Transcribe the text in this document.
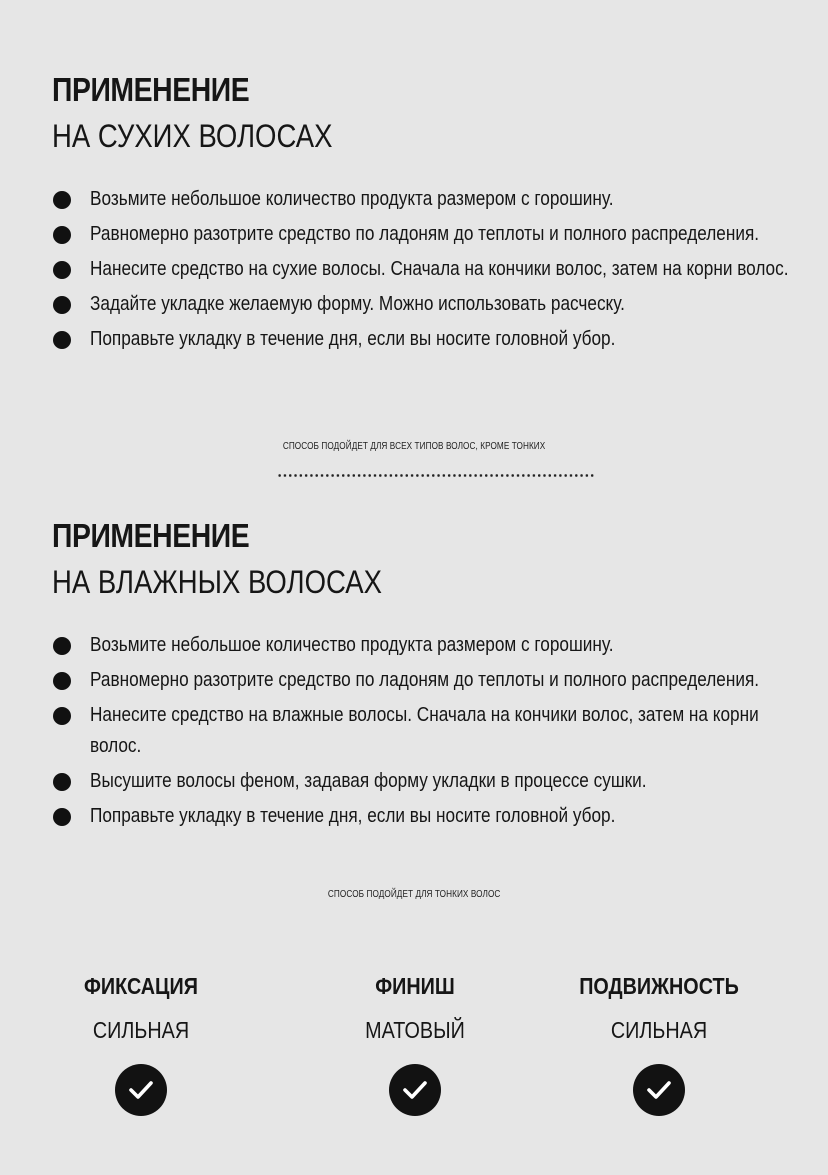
ПРИМЕНЕНИЕ
НА СУХИХ ВОЛОСАХ
Возьмите небольшое количество продукта размером с горошину.
Равномерно разотрите средство по ладоням до теплоты и полного распределения.
Нанесите средство на сухие волосы. Сначала на кончики волос, затем на корни волос.
Задайте укладке желаемую форму. Можно использовать расческу.
Поправьте укладку в течение дня, если вы носите головной убор.
СПОСОБ ПОДОЙДЕТ ДЛЯ ВСЕХ ТИПОВ ВОЛОС, КРОМЕ ТОНКИХ
ПРИМЕНЕНИЕ
НА ВЛАЖНЫХ ВОЛОСАХ
Возьмите небольшое количество продукта размером с горошину.
Равномерно разотрите средство по ладоням до теплоты и полного распределения.
Нанесите средство на влажные волосы. Сначала на кончики волос, затем на корни волос.
Высушите волосы феном, задавая форму укладки в процессе сушки.
Поправьте укладку в течение дня, если вы носите головной убор.
СПОСОБ ПОДОЙДЕТ ДЛЯ ТОНКИХ ВОЛОС
ФИКСАЦИЯ
СИЛЬНАЯ
ФИНИШ
МАТОВЫЙ
ПОДВИЖНОСТЬ
СИЛЬНАЯ
